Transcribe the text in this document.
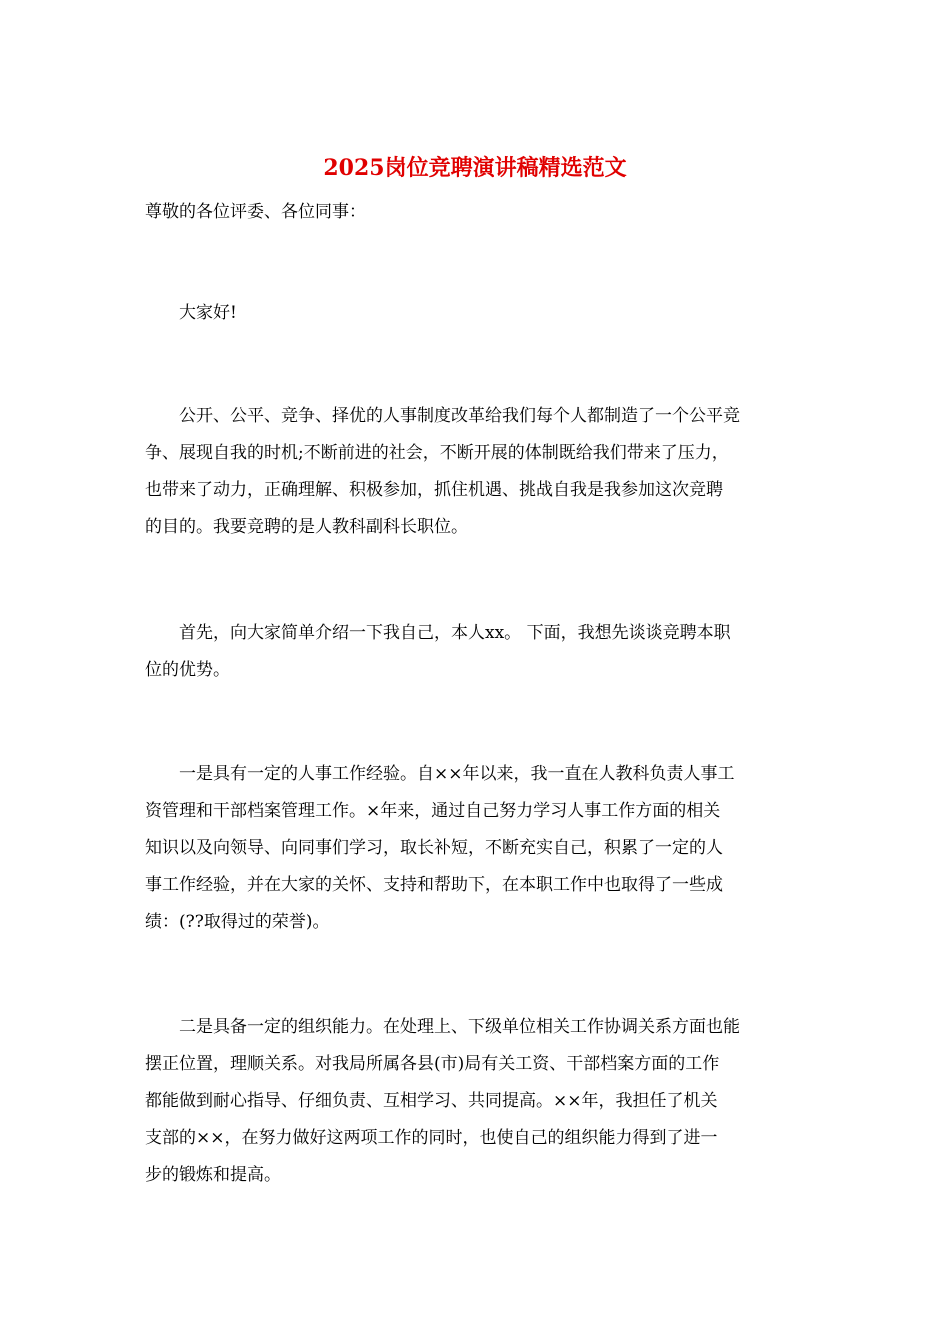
2025岗位竞聘演讲稿精选范文
尊敬的各位评委、各位同事：
　　大家好!
　　公开、公平、竞争、择优的人事制度改革给我们每个人都制造了一个公平竞
争、展现自我的时机;不断前进的社会，不断开展的体制既给我们带来了压力，
也带来了动力，正确理解、积极参加，抓住机遇、挑战自我是我参加这次竞聘
的目的。我要竞聘的是人教科副科长职位。
　　首先，向大家简单介绍一下我自己，本人xx。 下面，我想先谈谈竞聘本职
位的优势。
　　一是具有一定的人事工作经验。自××年以来，我一直在人教科负责人事工
资管理和干部档案管理工作。×年来，通过自己努力学习人事工作方面的相关
知识以及向领导、向同事们学习，取长补短，不断充实自己，积累了一定的人
事工作经验，并在大家的关怀、支持和帮助下，在本职工作中也取得了一些成
绩：(??取得过的荣誉)。
　　二是具备一定的组织能力。在处理上、下级单位相关工作协调关系方面也能
摆正位置，理顺关系。对我局所属各县(市)局有关工资、干部档案方面的工作
都能做到耐心指导、仔细负责、互相学习、共同提高。××年，我担任了机关
支部的××，在努力做好这两项工作的同时，也使自己的组织能力得到了进一
步的锻炼和提高。
